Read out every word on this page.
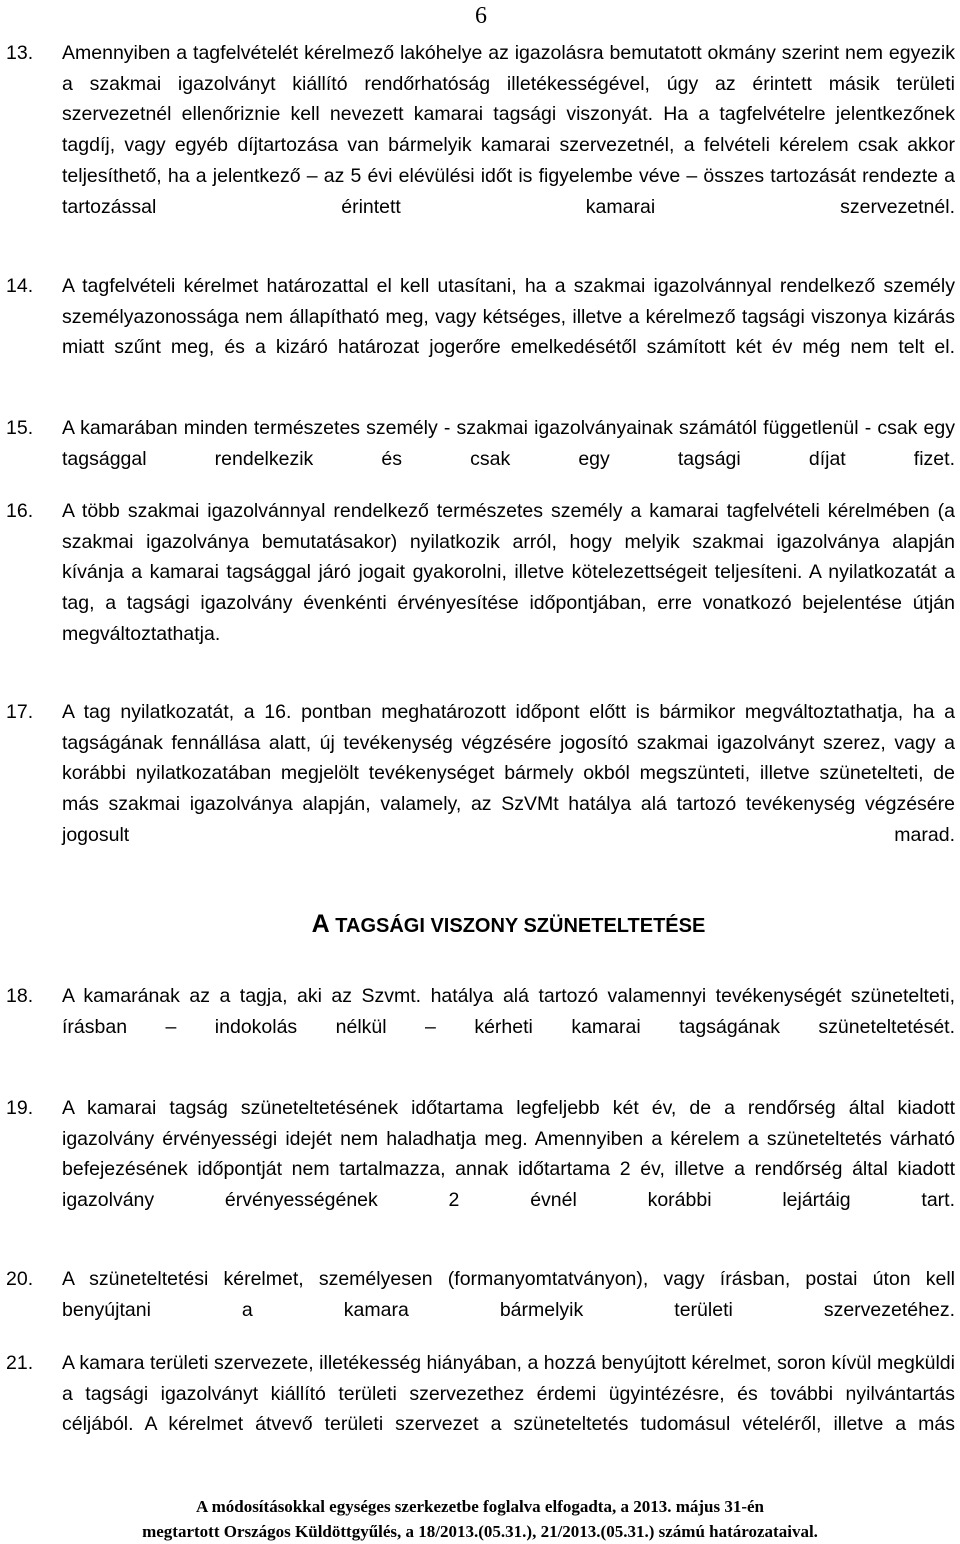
6
13. Amennyiben a tagfelvételét kérelmező lakóhelye az igazolásra bemutatott okmány szerint nem egyezik a szakmai igazolványt kiállító rendőrhatóság illetékességével, úgy az érintett másik területi szervezetnél ellenőriznie kell nevezett kamarai tagsági viszonyát. Ha a tagfelvételre jelentkezőnek tagdíj, vagy egyéb díjtartozása van bármelyik kamarai szervezetnél, a felvételi kérelem csak akkor teljesíthető, ha a jelentkező – az 5 évi elévülési időt is figyelembe véve – összes tartozását rendezte a tartozással érintett kamarai szervezetnél.
14. A tagfelvételi kérelmet határozattal el kell utasítani, ha a szakmai igazolvánnyal rendelkező személy személyazonossága nem állapítható meg, vagy kétséges, illetve a kérelmező tagsági viszonya kizárás miatt szűnt meg, és a kizáró határozat jogerőre emelkedésétől számított két év még nem telt el.
15. A kamarában minden természetes személy - szakmai igazolványainak számától függetlenül - csak egy tagsággal rendelkezik és csak egy tagsági díjat fizet.
16. A több szakmai igazolvánnyal rendelkező természetes személy a kamarai tagfelvételi kérelmében (a szakmai igazolványa bemutatásakor) nyilatkozik arról, hogy melyik szakmai igazolványa alapján kívánja a kamarai tagsággal járó jogait gyakorolni, illetve kötelezettségeit teljesíteni. A nyilatkozatát a tag, a tagsági igazolvány évenkénti érvényesítése időpontjában, erre vonatkozó bejelentése útján megváltoztathatja.
17. A tag nyilatkozatát, a 16. pontban meghatározott időpont előtt is bármikor megváltoztathatja, ha a tagságának fennállása alatt, új tevékenység végzésére jogosító szakmai igazolványt szerez, vagy a korábbi nyilatkozatában megjelölt tevékenységet bármely okból megszünteti, illetve szünetelteti, de más szakmai igazolványa alapján, valamely, az SzVMt hatálya alá tartozó tevékenység végzésére jogosult marad.
A TAGSÁGI VISZONY SZÜNETELTETÉSE
18. A kamarának az a tagja, aki az Szvmt. hatálya alá tartozó valamennyi tevékenységét szünetelteti, írásban – indokolás nélkül – kérheti kamarai tagságának szüneteltetését.
19. A kamarai tagság szüneteltetésének időtartama legfeljebb két év, de a rendőrség által kiadott igazolvány érvényességi idejét nem haladhatja meg. Amennyiben a kérelem a szüneteltetés várható befejezésének időpontját nem tartalmazza, annak időtartama 2 év, illetve a rendőrség által kiadott igazolvány érvényességének 2 évnél korábbi lejártáig tart.
20. A szüneteltetési kérelmet, személyesen (formanyomtatványon), vagy írásban, postai úton kell benyújtani a kamara bármelyik területi szervezetéhez.
21. A kamara területi szervezete, illetékesség hiányában, a hozzá benyújtott kérelmet, soron kívül megküldi a tagsági igazolványt kiállító területi szervezethez érdemi ügyintézésre, és további nyilvántartás céljából. A kérelmet átvevő területi szervezet a szüneteltetés tudomásul vételéről, illetve a más
A módosításokkal egységes szerkezetbe foglalva elfogadta, a 2013. május 31-én
megtartott Országos Küldöttgyűlés, a 18/2013.(05.31.), 21/2013.(05.31.) számú határozataival.
